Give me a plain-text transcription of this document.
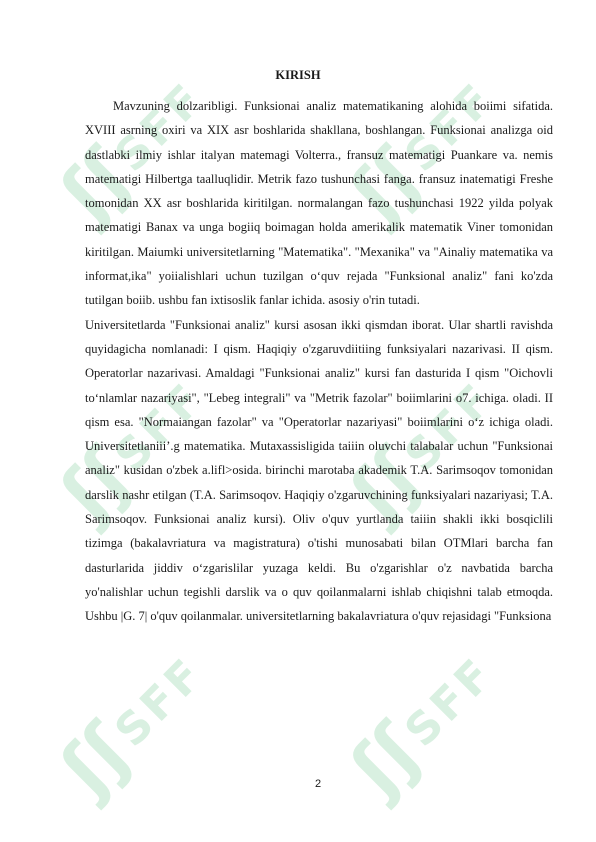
ʃʃ
SFF
ʃʃ
SFF
ʃʃ
SFF
ʃʃ
SFF
ʃʃ
SFF
ʃʃ
SFF
KIRISH

Mavzuning dolzaribligi. Funksionai analiz matematikaning alohida boiimi sifatida. XVIII asrning oxiri va XIX asr boshlarida shakllana, boshlangan. Funksionai analizga oid dastlabki ilmiy ishlar italyan matemagi Volterra., fransuz matematigi Puankare va. nemis matematigi Hilbertga taalluqlidir. Metrik fazo tushunchasi fanga. fransuz inatematigi Freshe tomonidan XX asr boshlarida kiritilgan. normalangan fazo tushunchasi 1922 yilda polyak matematigi Banax va unga bogiiq boimagan holda amerikalik matematik Viner tomonidan kiritilgan. Maiumki universitetlarning "Matematika". "Mexanika" va "Ainaliy matematika va informat,ika" yoiialishlari uchun tuzilgan o‘quv rejada "Funksional analiz" fani ko'zda tutilgan boiib. ushbu fan ixtisoslik fanlar ichida. asosiy o'rin tutadi.

Universitetlarda "Funksionai analiz" kursi asosan ikki qismdan iborat. Ular shartli ravishda quyidagicha nomlanadi: I qism. Haqiqiy o'zgaruvdiitiing funksiyalari nazarivasi. II qism. Operatorlar nazarivasi. Amaldagi "Funksionai analiz" kursi fan dasturida I qism "Oichovli to‘nlamlar nazariyasi", "Lebeg integrali" va "Metrik fazolar" boiimlarini o7. ichiga. oladi. II qism esa. "Normaiangan fazolar" va "Operatorlar nazariyasi" boiimlarini o‘z ichiga oladi. Universitetlaniii’.g matematika. Mutaxassisligida taiiin oluvchi talabalar uchun "Funksionai analiz" kusidan o'zbek a.lifl>osida. birinchi marotaba akademik T.A. Sarimsoqov tomonidan darslik nashr etilgan (T.A. Sarimsoqov. Haqiqiy o'zgaruvchining funksiyalari nazariyasi; T.A. Sarimsoqov. Funksionai analiz kursi). Oliv o'quv yurtlanda taiiin shakli ikki bosqiclili tizimga (bakalavriatura va magistratura) o'tishi munosabati bilan OTMlari barcha fan dasturlarida jiddiv o‘zgarislilar yuzaga keldi. Bu o'zgarishlar o'z navbatida barcha yo'nalishlar uchun tegishli darslik va o quv qoilanmalarni ishlab chiqishni talab etmoqda. Ushbu |G. 7| o'quv qoilanmalar. universitetlarning bakalavriatura o'quv rejasidagi "Funksiona

2
